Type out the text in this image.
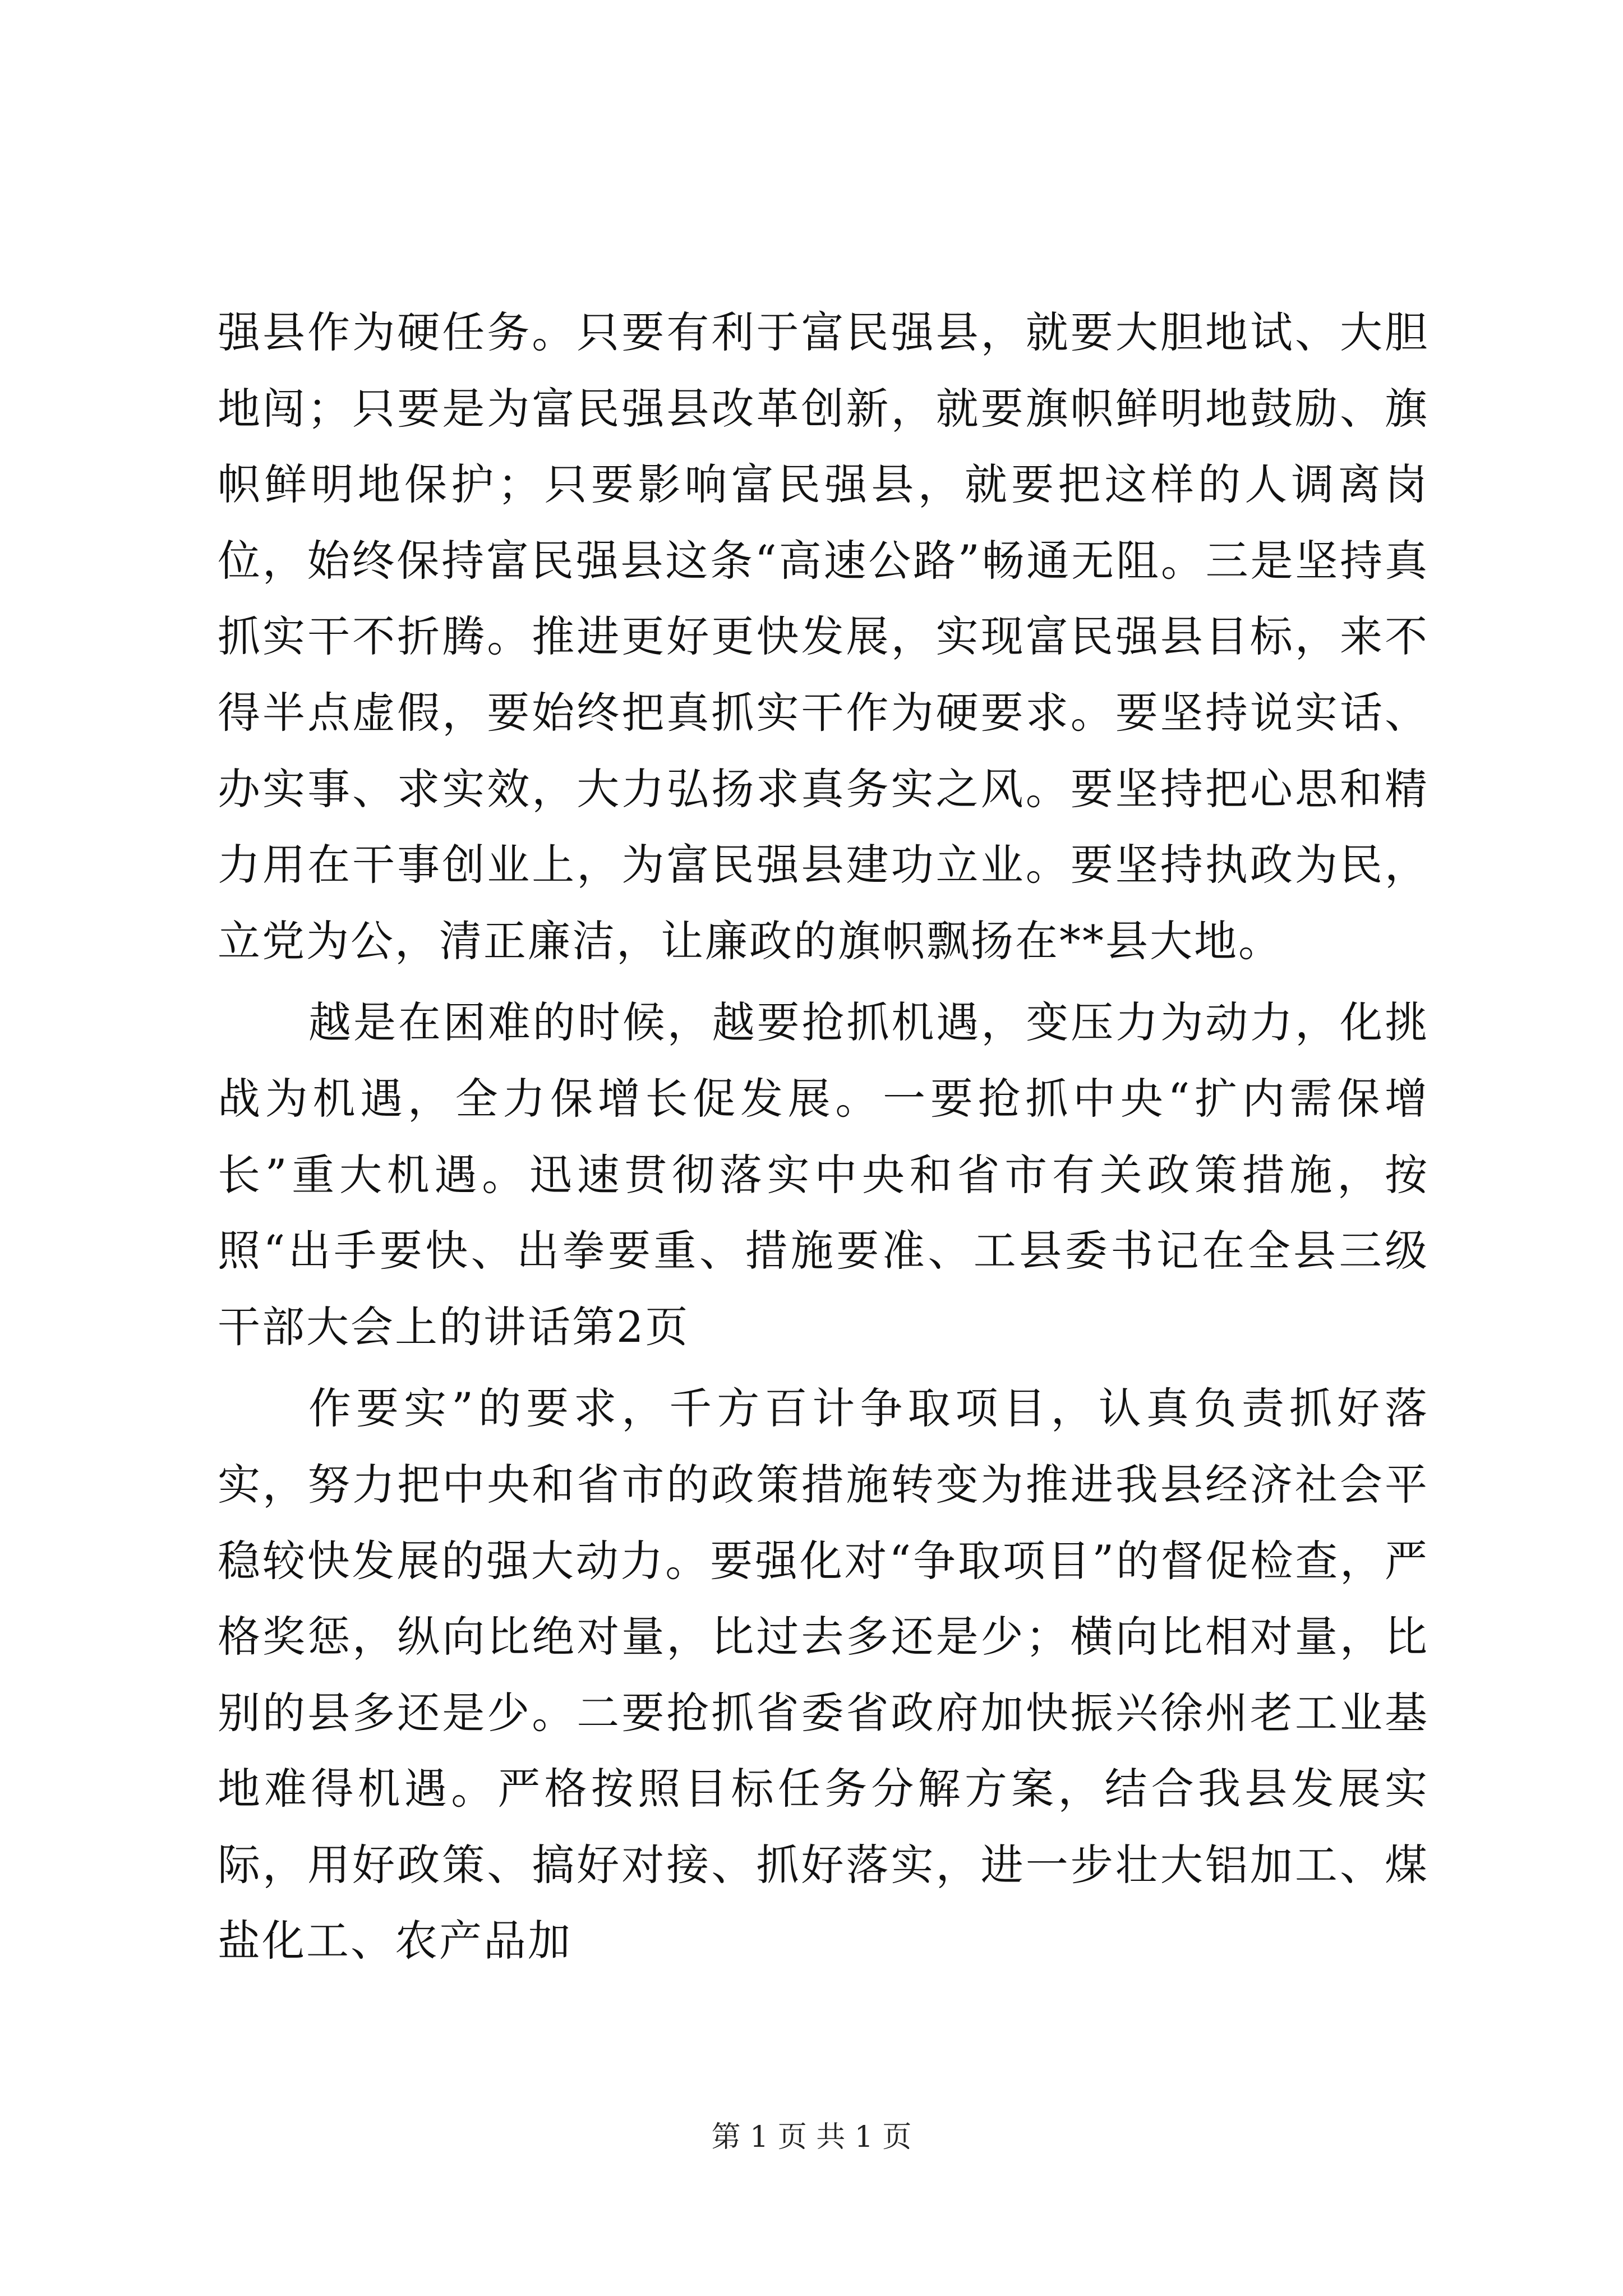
强县作为硬任务。只要有利于富民强县，就要大胆地试、大胆地闯；只要是为富民强县改革创新，就要旗帜鲜明地鼓励、旗帜鲜明地保护；只要影响富民强县，就要把这样的人调离岗位，始终保持富民强县这条“高速公路”畅通无阻。三是坚持真抓实干不折腾。推进更好更快发展，实现富民强县目标，来不得半点虚假，要始终把真抓实干作为硬要求。要坚持说实话、办实事、求实效，大力弘扬求真务实之风。要坚持把心思和精力用在干事创业上，为富民强县建功立业。要坚持执政为民，立党为公，清正廉洁，让廉政的旗帜飘扬在**县大地。

越是在困难的时候，越要抢抓机遇，变压力为动力，化挑战为机遇，全力保增长促发展。一要抢抓中央“扩内需保增长”重大机遇。迅速贯彻落实中央和省市有关政策措施，按照“出手要快、出拳要重、措施要准、工县委书记在全县三级干部大会上的讲话第2页

作要实”的要求，千方百计争取项目，认真负责抓好落实，努力把中央和省市的政策措施转变为推进我县经济社会平稳较快发展的强大动力。要强化对“争取项目”的督促检查，严格奖惩，纵向比绝对量，比过去多还是少；横向比相对量，比别的县多还是少。二要抢抓省委省政府加快振兴徐州老工业基地难得机遇。严格按照目标任务分解方案，结合我县发展实际，用好政策、搞好对接、抓好落实，进一步壮大铝加工、煤盐化工、农产品加

第 1 页 共 1 页
